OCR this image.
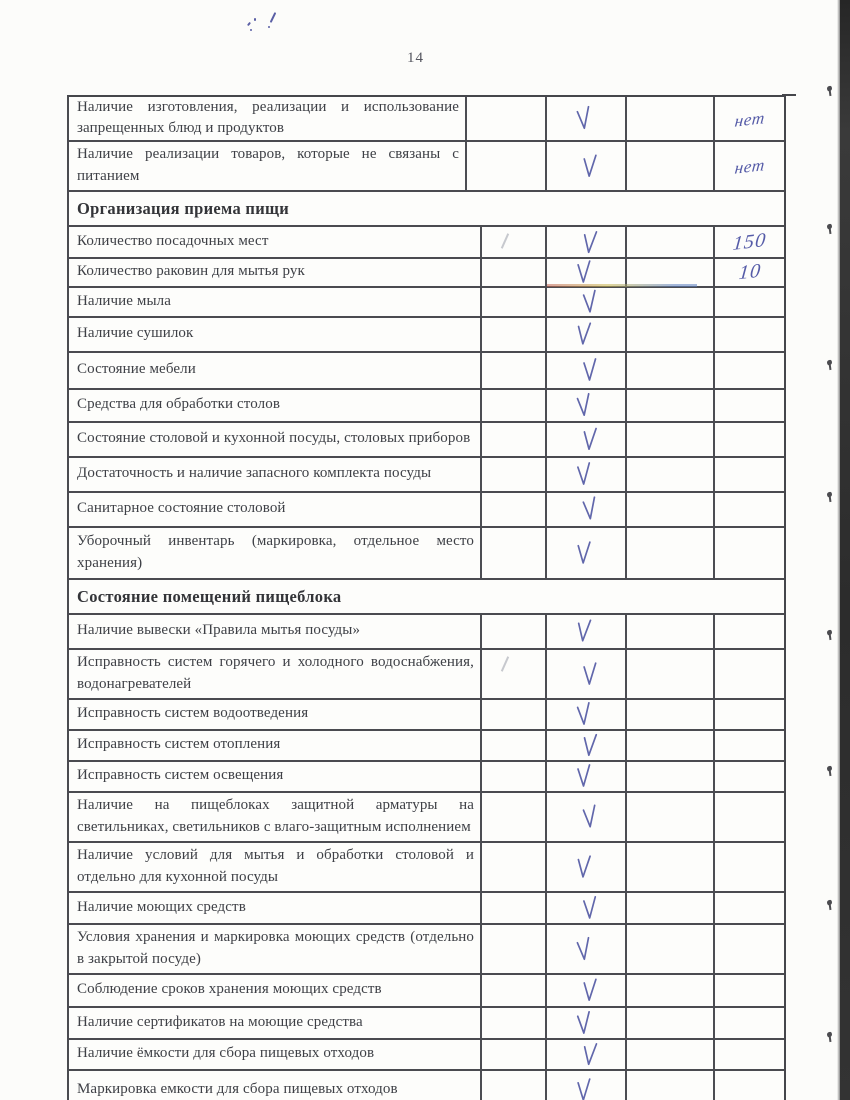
14
Наличие изготовления, реализации и использование запрещенных блюд и продуктов	нет
Наличие реализации товаров, которые не связаны с питанием	нет
Организация приема пищи
Количество посадочных мест	150
Количество раковин для мытья рук	10
Наличие мыла
Наличие сушилок
Состояние мебели
Средства для обработки столов
Состояние столовой и кухонной посуды, столовых приборов
Достаточность и наличие запасного комплекта посуды
Санитарное состояние столовой
Уборочный инвентарь (маркировка, отдельное место хранения)
Состояние помещений пищеблока
Наличие вывески «Правила мытья посуды»
Исправность систем горячего и холодного водоснабжения, водонагревателей
Исправность систем водоотведения
Исправность систем отопления
Исправность систем освещения
Наличие на пищеблоках защитной арматуры на светильниках, светильников с влаго-защитным исполнением
Наличие условий для мытья и обработки столовой и отдельно для кухонной посуды
Наличие моющих средств
Условия хранения и маркировка моющих средств (отдельно в закрытой посуде)
Соблюдение сроков хранения моющих средств
Наличие сертификатов на моющие средства
Наличие ёмкости для сбора пищевых отходов
Маркировка емкости для сбора пищевых отходов
